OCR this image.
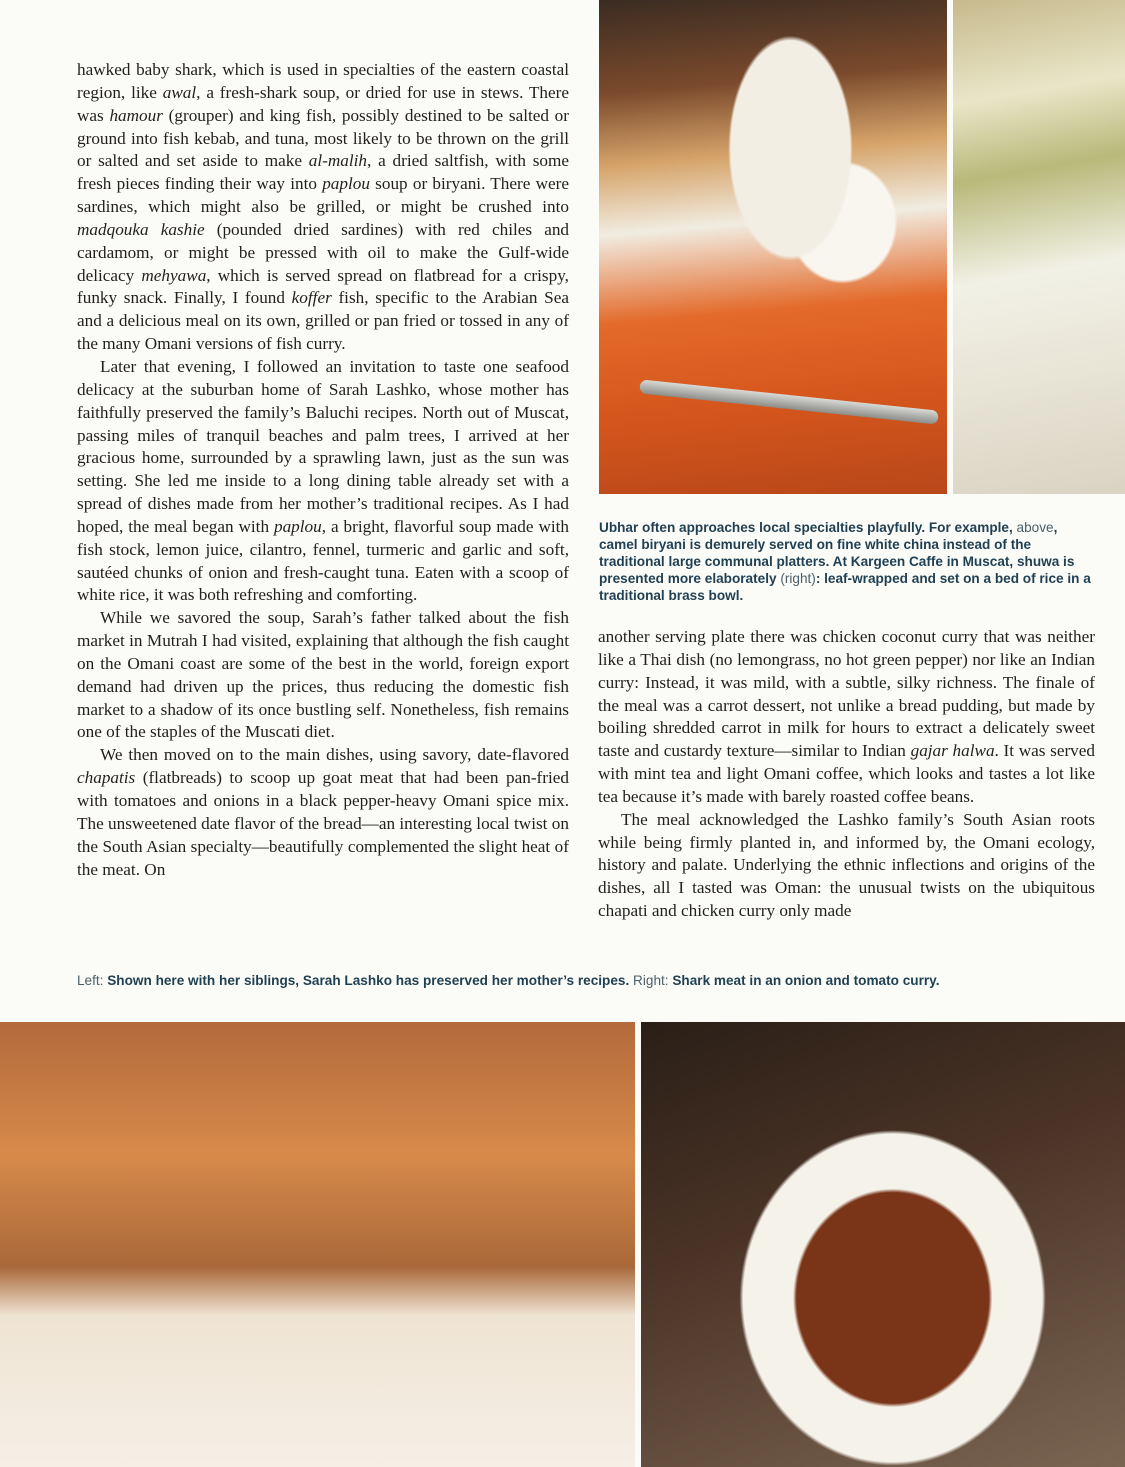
hawked baby shark, which is used in specialties of the eastern coastal region, like awal, a fresh-shark soup, or dried for use in stews. There was hamour (grouper) and king fish, possibly destined to be salted or ground into fish kebab, and tuna, most likely to be thrown on the grill or salted and set aside to make al-malih, a dried saltfish, with some fresh pieces finding their way into paplou soup or biryani. There were sardines, which might also be grilled, or might be crushed into madqouka kashie (pounded dried sardines) with red chiles and cardamom, or might be pressed with oil to make the Gulf-wide delicacy mehyawa, which is served spread on flatbread for a crispy, funky snack. Finally, I found koffer fish, specific to the Arabian Sea and a delicious meal on its own, grilled or pan fried or tossed in any of the many Omani versions of fish curry.

Later that evening, I followed an invitation to taste one seafood delicacy at the suburban home of Sarah Lashko, whose mother has faithfully preserved the family’s Baluchi recipes. North out of Muscat, passing miles of tranquil beaches and palm trees, I arrived at her gracious home, surrounded by a sprawling lawn, just as the sun was setting. She led me inside to a long dining table already set with a spread of dishes made from her mother’s traditional recipes. As I had hoped, the meal began with paplou, a bright, flavorful soup made with fish stock, lemon juice, cilantro, fennel, turmeric and garlic and soft, sautéed chunks of onion and fresh-caught tuna. Eaten with a scoop of white rice, it was both refreshing and comforting.

While we savored the soup, Sarah’s father talked about the fish market in Mutrah I had visited, explaining that although the fish caught on the Omani coast are some of the best in the world, foreign export demand had driven up the prices, thus reducing the domestic fish market to a shadow of its once bustling self. Nonetheless, fish remains one of the staples of the Muscati diet.

We then moved on to the main dishes, using savory, date-flavored chapatis (flatbreads) to scoop up goat meat that had been pan-fried with tomatoes and onions in a black pepper-heavy Omani spice mix. The unsweetened date flavor of the bread—an interesting local twist on the South Asian specialty—beautifully complemented the slight heat of the meat. On

Ubhar often approaches local specialties playfully. For example, above, camel biryani is demurely served on fine white china instead of the traditional large communal platters. At Kargeen Caffe in Muscat, shuwa is presented more elaborately (right): leaf-wrapped and set on a bed of rice in a traditional brass bowl.

another serving plate there was chicken coconut curry that was neither like a Thai dish (no lemongrass, no hot green pepper) nor like an Indian curry: Instead, it was mild, with a subtle, silky richness. The finale of the meal was a carrot dessert, not unlike a bread pudding, but made by boiling shredded carrot in milk for hours to extract a delicately sweet taste and custardy texture—similar to Indian gajar halwa. It was served with mint tea and light Omani coffee, which looks and tastes a lot like tea because it’s made with barely roasted coffee beans.

The meal acknowledged the Lashko family’s South Asian roots while being firmly planted in, and informed by, the Omani ecology, history and palate. Underlying the ethnic inflections and origins of the dishes, all I tasted was Oman: the unusual twists on the ubiquitous chapati and chicken curry only made

Left: Shown here with her siblings, Sarah Lashko has preserved her mother’s recipes. Right: Shark meat in an onion and tomato curry.
